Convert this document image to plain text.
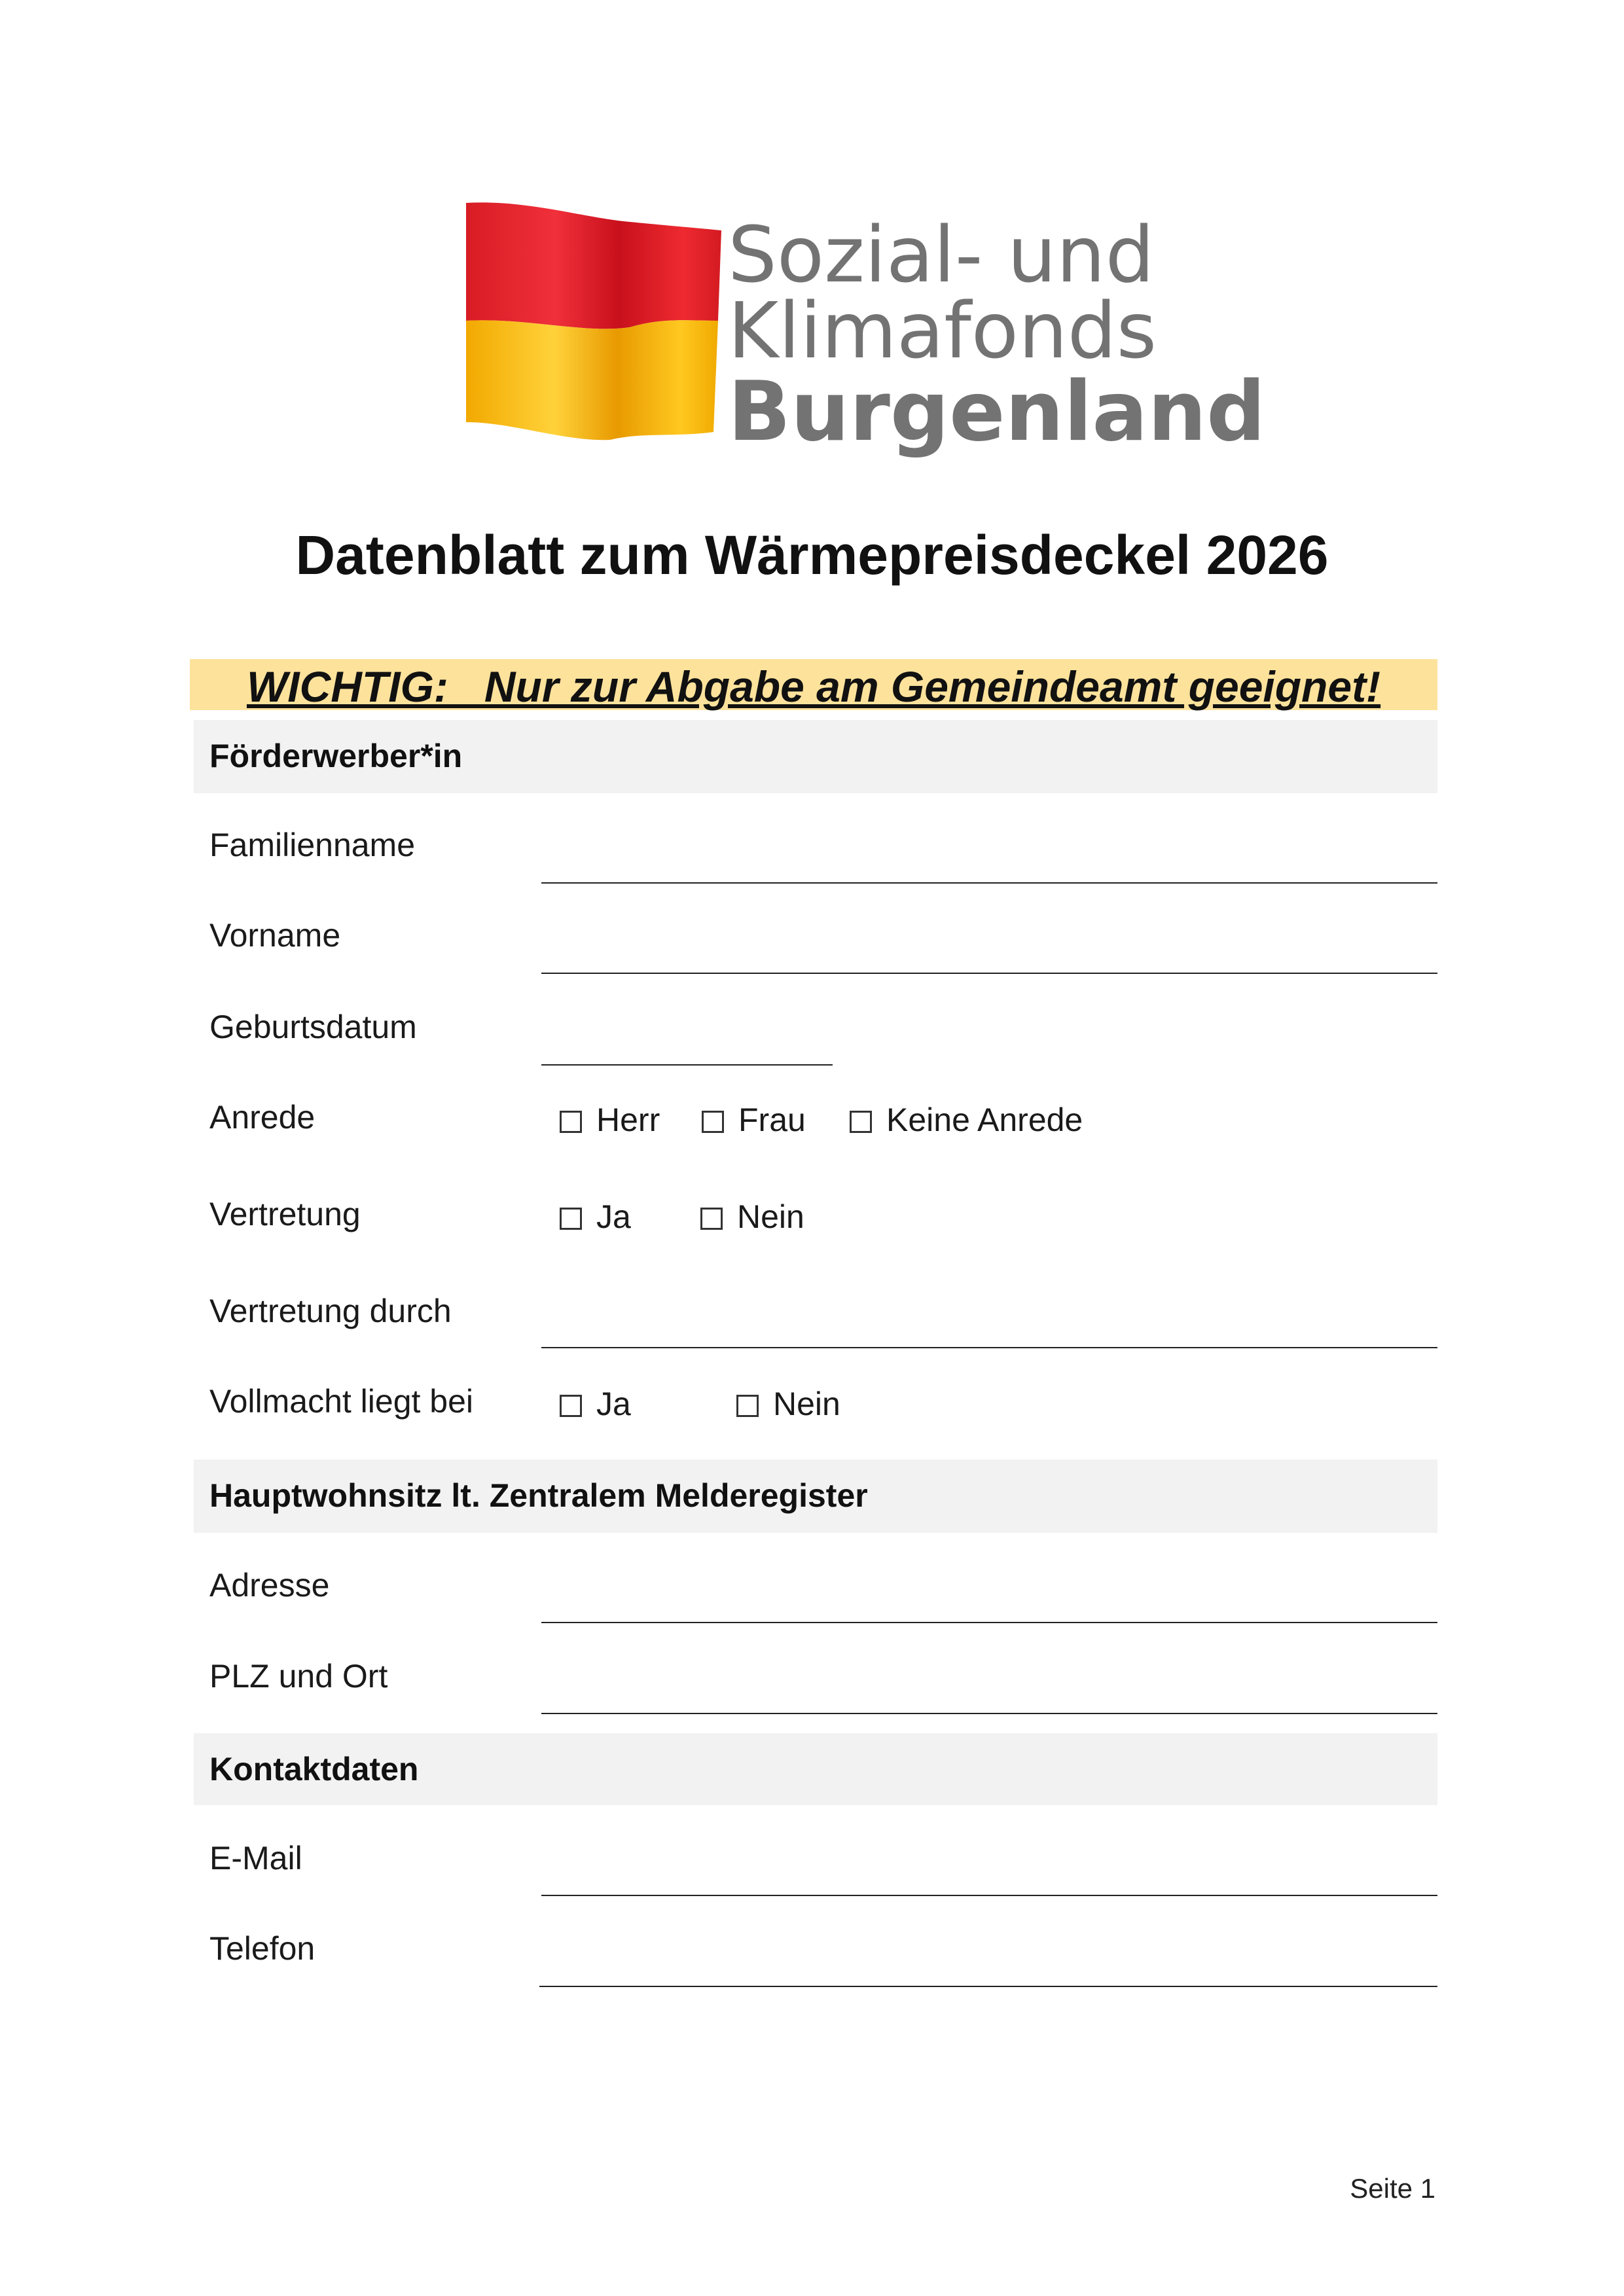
Sozial- und
Klimafonds
Burgenland
Datenblatt zum Wärmepreisdeckel 2026
WICHTIG:   Nur zur Abgabe am Gemeindeamt geeignet!
Förderwerber*in
Familienname
Vorname
Geburtsdatum
Anrede	Herr	Frau	Keine Anrede
Vertretung	Ja	Nein
Vertretung durch
Vollmacht liegt bei	Ja	Nein
Hauptwohnsitz lt. Zentralem Melderegister
Adresse
PLZ und Ort
Kontaktdaten
E-Mail
Telefon
Seite 1
